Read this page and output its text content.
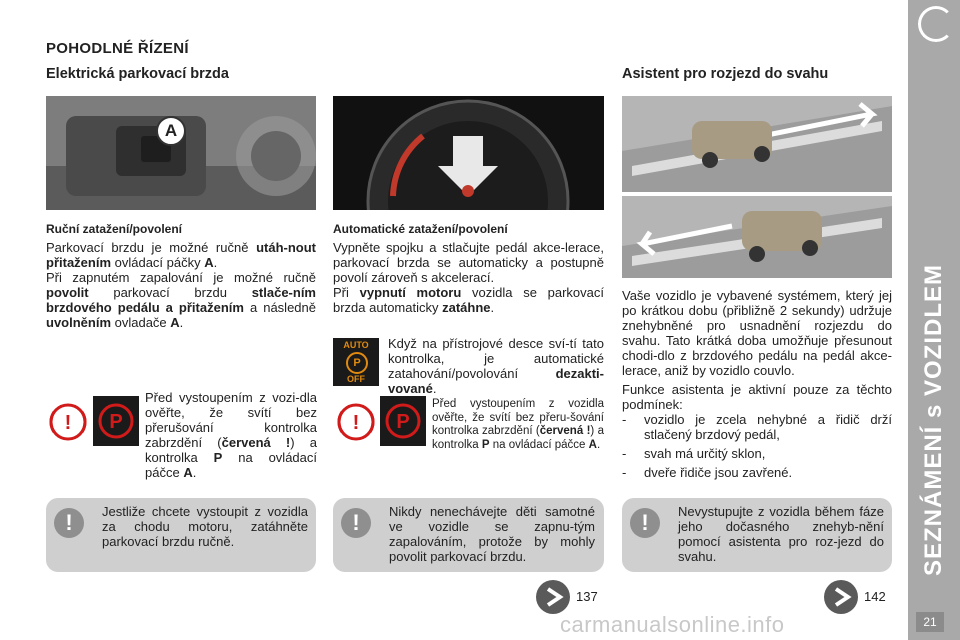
POHODLNÉ ŘÍZENÍ
Elektrická parkovací brzda
A
Ruční zatažení/povolení
Parkovací brzdu je možné ručně utáh-nout přitažením ovládací páčky A.
Při zapnutém zapalování je možné ručně povolit parkovací brzdu stlače-ním brzdového pedálu a přitažením a následně uvolněním ovladače A.
! P
Před vystoupením z vozi-dla ověřte, že svítí bez přerušování kontrolka zabrzdění (červená !) a kontrolka P na ovládací páčce A.
!	Jestliže chcete vystoupit z vozidla za chodu motoru, zatáhněte parkovací brzdu ručně.
137
Automatické zatažení/povolení
Vypněte spojku a stlačujte pedál akce-lerace, parkovací brzda se automaticky a postupně povolí zároveň s akcelerací.
Při vypnutí motoru vozidla se parkovací brzda automaticky zatáhne.
AUTO
P
OFF
Když na přístrojové desce sví-tí tato kontrolka, je automatické zatahování/povolování dezakti-vované.
! P
Před vystoupením z vozidla ověřte, že svítí bez přeru-šování kontrolka zabrzdění (červená !) a kontrolka P na ovládací páčce A.
!	Nikdy nenechávejte děti samotné ve vozidle se zapnu-tým zapalováním, protože by mohly povolit parkovací brzdu.
Asistent pro rozjezd do svahu
Vaše vozidlo je vybavené systémem, který jej po krátkou dobu (přibližně 2 sekundy) udržuje znehybněné pro usnadnění rozjezdu do svahu. Tato krátká doba umožňuje přesunout chodi-dlo z brzdového pedálu na pedál akce-lerace, aniž by vozidlo couvlo.
Funkce asistenta je aktivní pouze za těchto podmínek:
-	vozidlo je zcela nehybné a řidič drží stlačený brzdový pedál,
-	svah má určitý sklon,
-	dveře řidiče jsou zavřené.
!	Nevystupujte z vozidla během fáze jeho dočasného znehyb-nění pomocí asistenta pro roz-jezd do svahu.
142
SEZNÁMENÍ s VOZIDLEM
21
carmanualsonline.info
